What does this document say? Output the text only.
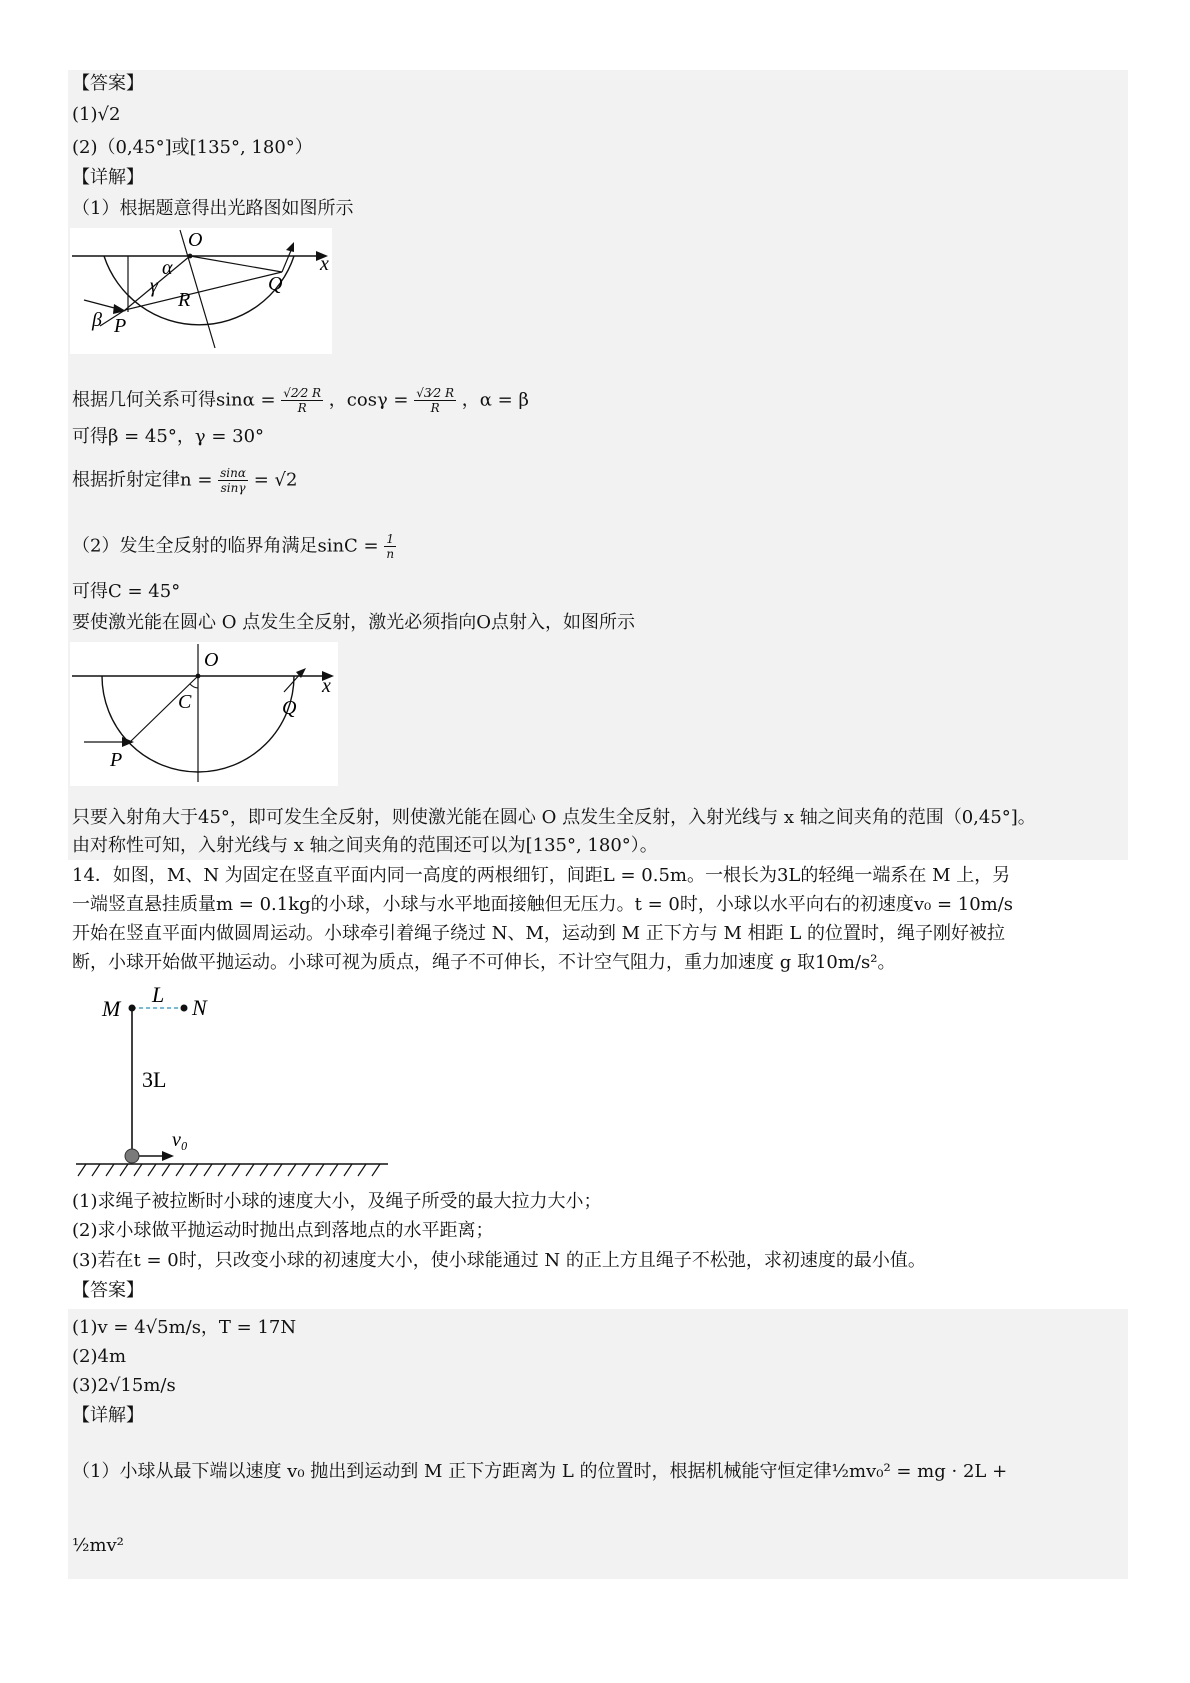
【答案】
(1)√2
(2)（0,45°]或[135°, 180°）
【详解】
（1）根据题意得出光路图如图所示
O
x
α
γ
R
Q
β P
根据几何关系可得$\sin\alpha = \frac{√2⁄2 R}{R}$ ，$\cos\gamma = \frac{√3⁄2 R}{R}$ ，α = β
可得β = 45°，γ = 30°
根据折射定律$n = \frac{\sin\alpha}{\sin\gamma} = √2$
（2）发生全反射的临界角满足$\sin C = \frac{1}{n}$
可得C = 45°
要使激光能在圆心 O 点发生全反射，激光必须指向O点射入，如图所示
O
x
C	Q
P
只要入射角大于45°，即可发生全反射，则使激光能在圆心 O 点发生全反射，入射光线与 x 轴之间夹角的范围（0,45°]。
由对称性可知，入射光线与 x 轴之间夹角的范围还可以为[135°, 180°）。
14．如图，M、N 为固定在竖直平面内同一高度的两根细钉，间距L = 0.5m。一根长为3L的轻绳一端系在 M 上，另
一端竖直悬挂质量m = 0.1kg的小球，小球与水平地面接触但无压力。t = 0时，小球以水平向右的初速度v₀ = 10m/s
开始在竖直平面内做圆周运动。小球牵引着绳子绕过 N、M，运动到 M 正下方与 M 相距 L 的位置时，绳子刚好被拉
断，小球开始做平抛运动。小球可视为质点，绳子不可伸长，不计空气阻力，重力加速度 g 取10m/s²。
M	N
L
3L
v₀
(1)求绳子被拉断时小球的速度大小，及绳子所受的最大拉力大小；
(2)求小球做平抛运动时抛出点到落地点的水平距离；
(3)若在t = 0时，只改变小球的初速度大小，使小球能通过 N 的正上方且绳子不松弛，求初速度的最小值。
【答案】
(1)v = 4√5m/s，T = 17N
(2)4m
(3)2√15m/s
【详解】
（1）小球从最下端以速度 v₀ 抛出到运动到 M 正下方距离为 L 的位置时，根据机械能守恒定律½mv₀² = mg · 2L +
½mv²
